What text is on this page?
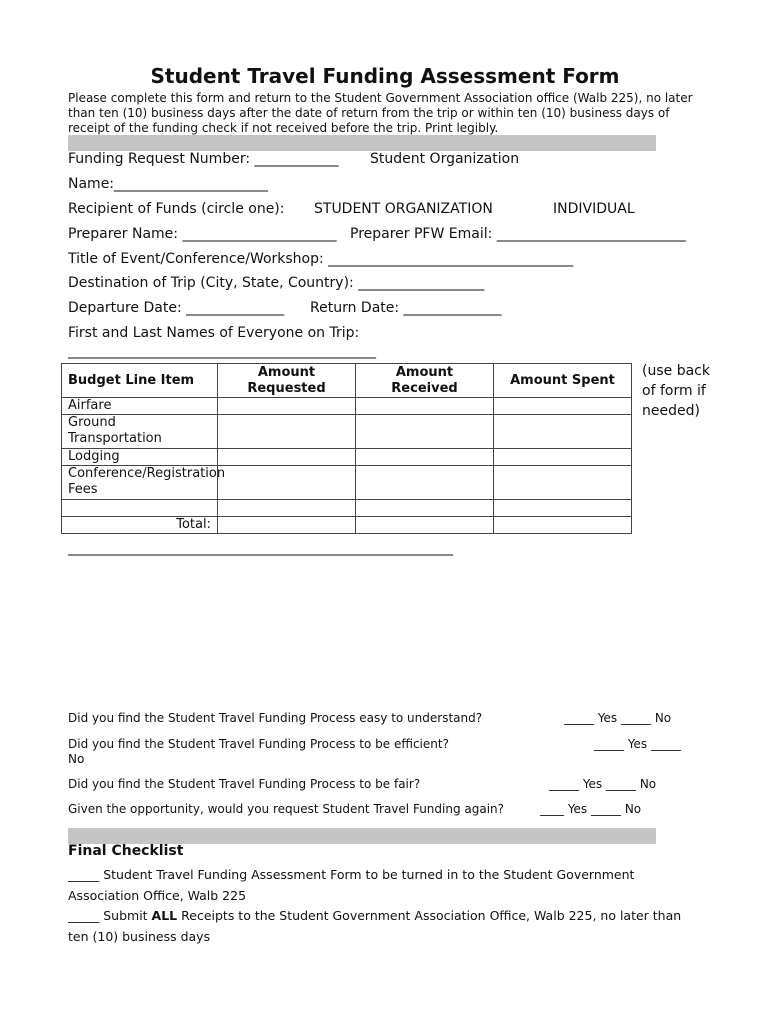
Student Travel Funding Assessment Form
Please complete this form and return to the Student Government Association office (Walb 225), no later than ten (10) business days after the date of return from the trip or within ten (10) business days of receipt of the funding check if not received before the trip. Print legibly.
Funding Request Number: ____________ Student Organization
Name:______________________
Recipient of Funds (circle one): STUDENT ORGANIZATION	INDIVIDUAL
Preparer Name: ______________________ Preparer PFW Email: ___________________________
Title of Event/Conference/Workshop: ___________________________________
Destination of Trip (City, State, Country): __________________
Departure Date: ______________ Return Date: ______________
First and Last Names of Everyone on Trip:
____________________________________________
Budget Line Item	Amount Requested	Amount Received	Amount Spent
Airfare			
Ground Transportation			
Lodging			
Conference/Registration Fees			

Total:			
(use back of form if needed)
_______________________________________________________
Did you find the Student Travel Funding Process easy to understand?	_____ Yes _____ No
Did you find the Student Travel Funding Process to be efficient?	_____ Yes _____
No
Did you find the Student Travel Funding Process to be fair?	_____ Yes _____ No
Given the opportunity, would you request Student Travel Funding again?	____ Yes _____ No
Final Checklist
_____ Student Travel Funding Assessment Form to be turned in to the Student Government
Association Office, Walb 225
_____ Submit ALL Receipts to the Student Government Association Office, Walb 225, no later than
ten (10) business days
